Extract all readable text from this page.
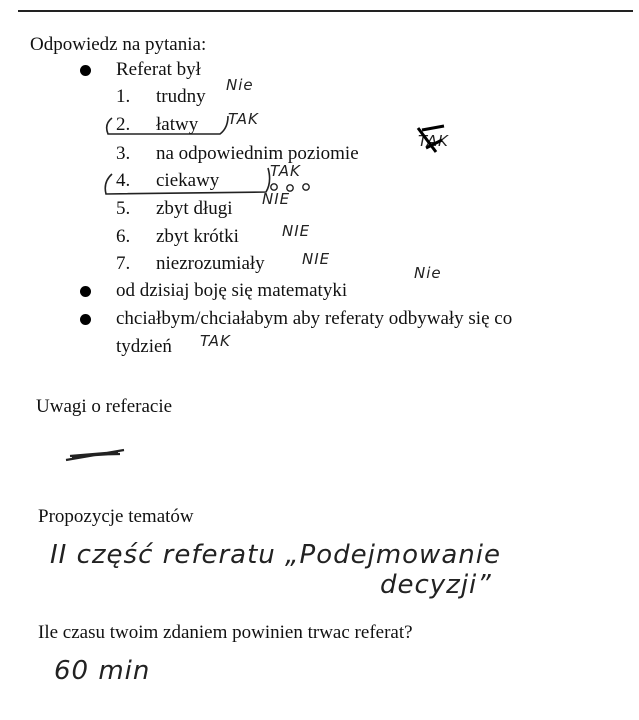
Odpowiedz na pytania:
Referat był
1. trudny
Nie
2. łatwy TAK
3. na odpowiednim poziomie
TAK
4. ciekawy	TAK
5. zbyt długi NIE
6. zbyt krótki	NIE
7. niezrozumiały NIE
od dzisiaj boję się matematyki
Nie
chciałbym/chciałabym aby referaty odbywały się co
tydzień TAK
Uwagi o referacie
Propozycje tematów
II część referatu „Podejmowanie
decyzji”
Ile czasu twoim zdaniem powinien trwac referat?
60 min
